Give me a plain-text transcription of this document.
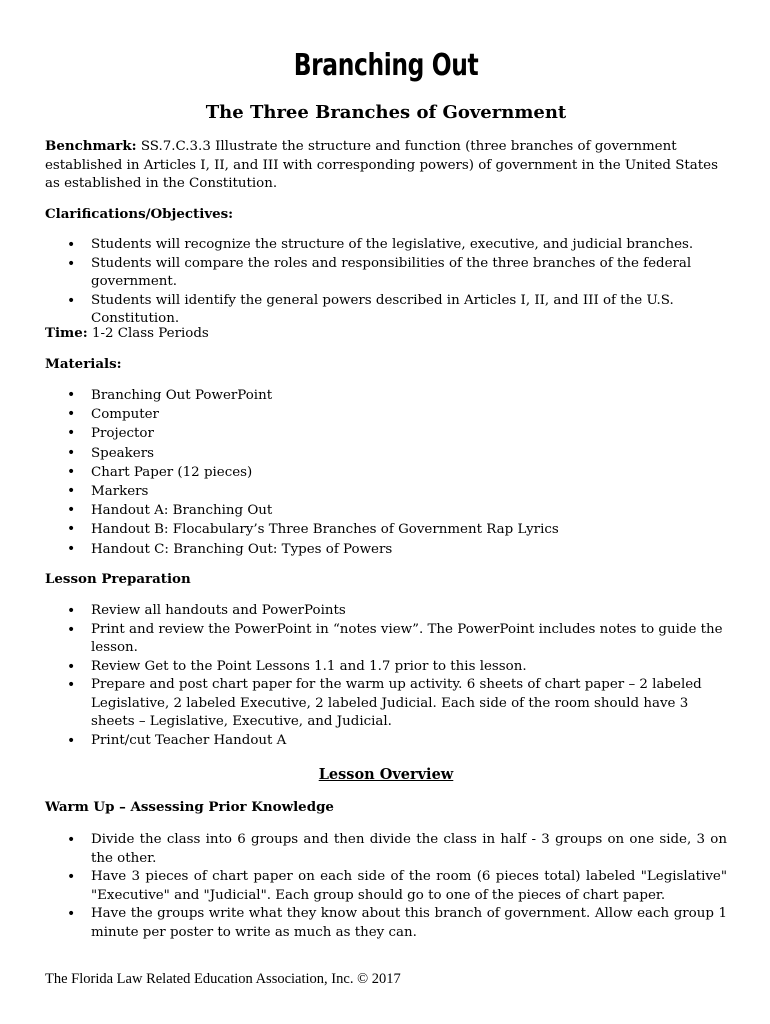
Branching Out
The Three Branches of Government

Benchmark: SS.7.C.3.3 Illustrate the structure and function (three branches of government established in Articles I, II, and III with corresponding powers) of government in the United States as established in the Constitution.

Clarifications/Objectives:

• Students will recognize the structure of the legislative, executive, and judicial branches.
• Students will compare the roles and responsibilities of the three branches of the federal government.
• Students will identify the general powers described in Articles I, II, and III of the U.S. Constitution.

Time: 1-2 Class Periods

Materials:

• Branching Out PowerPoint
• Computer
• Projector
• Speakers
• Chart Paper (12 pieces)
• Markers
• Handout A: Branching Out
• Handout B: Flocabulary’s Three Branches of Government Rap Lyrics
• Handout C: Branching Out: Types of Powers

Lesson Preparation

• Review all handouts and PowerPoints
• Print and review the PowerPoint in “notes view”. The PowerPoint includes notes to guide the lesson.
• Review Get to the Point Lessons 1.1 and 1.7 prior to this lesson.
• Prepare and post chart paper for the warm up activity. 6 sheets of chart paper – 2 labeled Legislative, 2 labeled Executive, 2 labeled Judicial. Each side of the room should have 3 sheets – Legislative, Executive, and Judicial.
• Print/cut Teacher Handout A
Lesson Overview

Warm Up – Assessing Prior Knowledge

• Divide the class into 6 groups and then divide the class in half - 3 groups on one side, 3 on the other.
• Have 3 pieces of chart paper on each side of the room (6 pieces total) labeled "Legislative" "Executive" and "Judicial". Each group should go to one of the pieces of chart paper.
• Have the groups write what they know about this branch of government. Allow each group 1 minute per poster to write as much as they can.
The Florida Law Related Education Association, Inc. © 2017
